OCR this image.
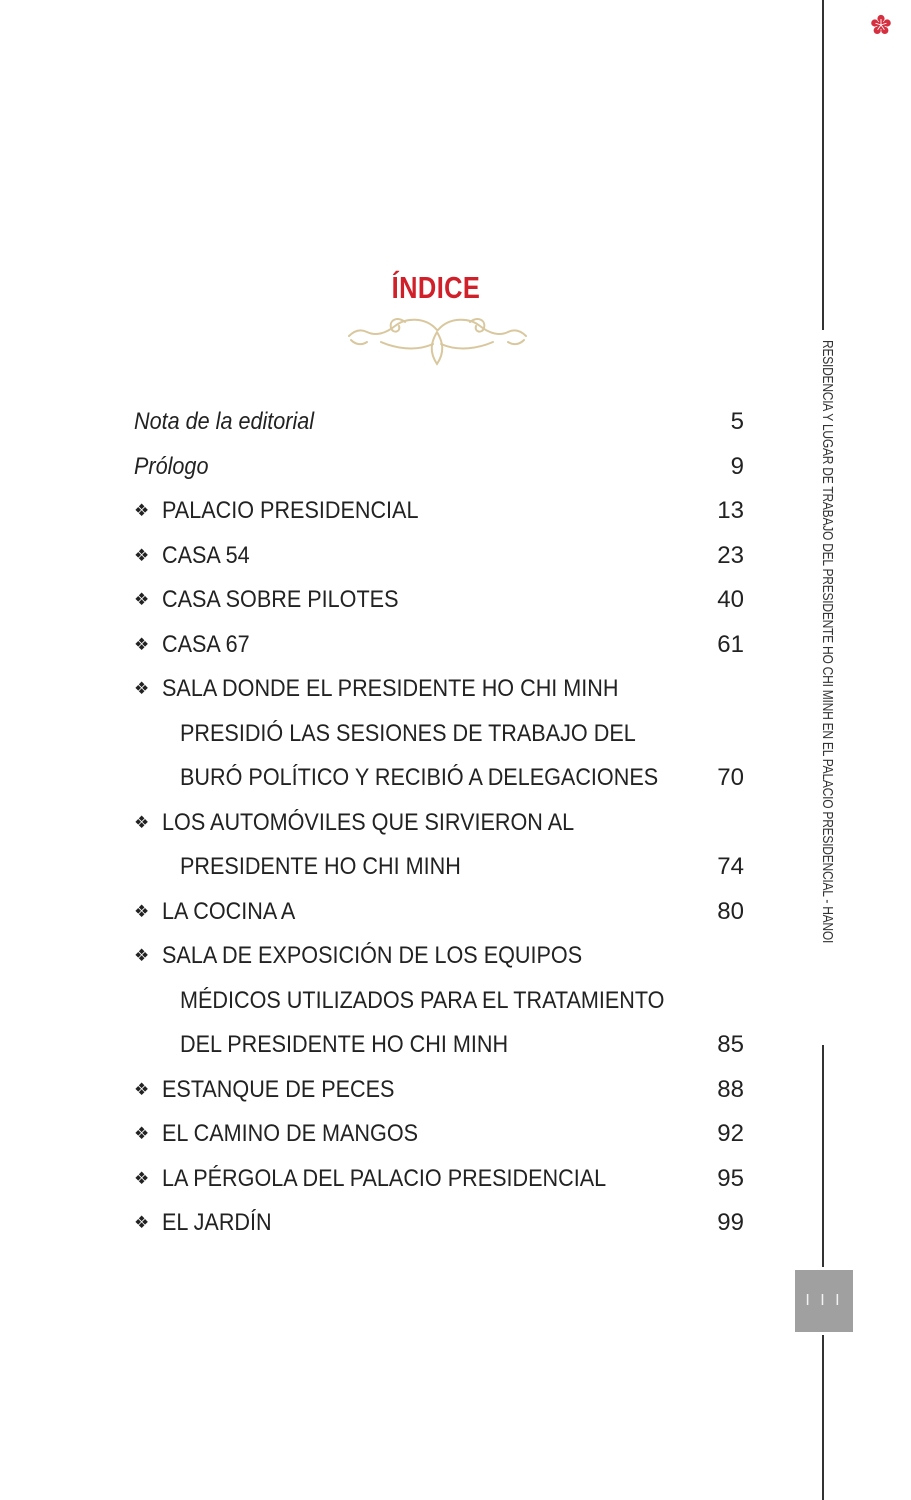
RESIDENCIA Y LUGAR DE TRABAJO DEL PRESIDENTE HO CHI MINH EN EL PALACIO PRESIDENCIAL - HANOI
I I I
ÍNDICE
Nota de la editorial	5
Prólogo	9
❖ PALACIO PRESIDENCIAL	13
❖ CASA 54	23
❖ CASA SOBRE PILOTES	40
❖ CASA 67	61
❖ SALA DONDE EL PRESIDENTE HO CHI MINH
PRESIDIÓ LAS SESIONES DE TRABAJO DEL
BURÓ POLÍTICO Y RECIBIÓ A DELEGACIONES 70
❖ LOS AUTOMÓVILES QUE SIRVIERON AL
PRESIDENTE HO CHI MINH	74
❖ LA COCINA A	80
❖ SALA DE EXPOSICIÓN DE LOS EQUIPOS
MÉDICOS UTILIZADOS PARA EL TRATAMIENTO
DEL PRESIDENTE HO CHI MINH	85
❖ ESTANQUE DE PECES	88
❖ EL CAMINO DE MANGOS	92
❖ LA PÉRGOLA DEL PALACIO PRESIDENCIAL	95
❖ EL JARDÍN	99
